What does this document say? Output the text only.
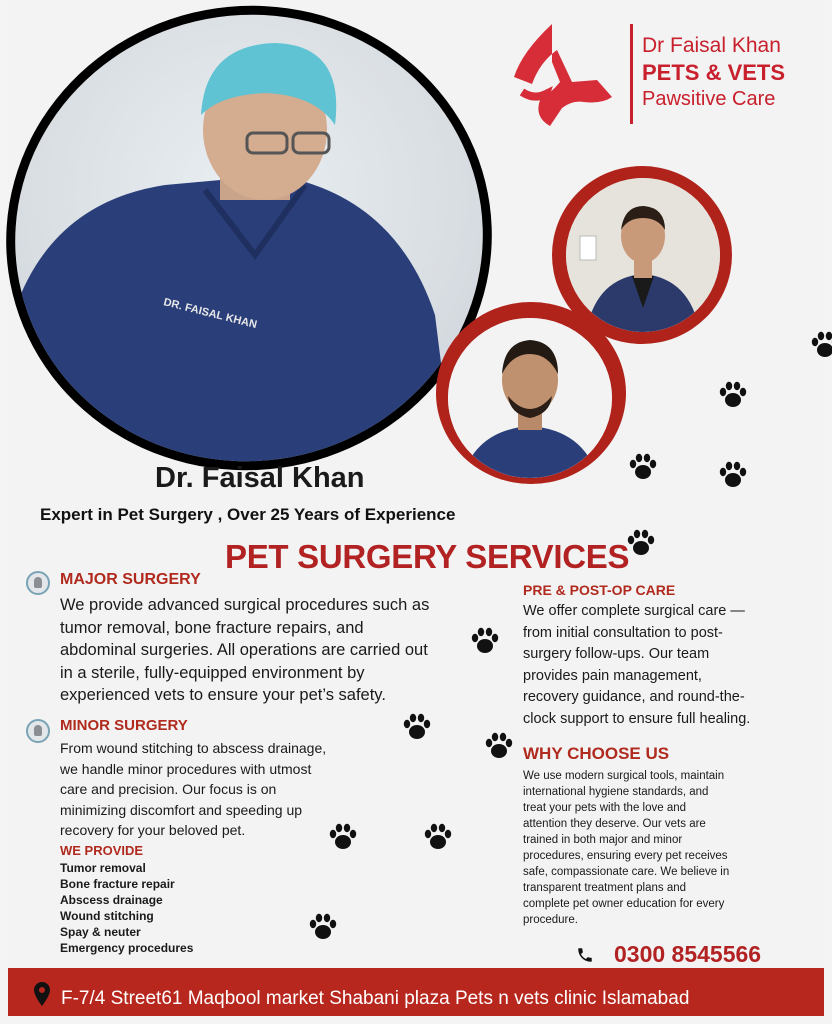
DR. FAISAL KHAN
Dr Faisal Khan
PETS & VETS
Pawsitive Care
Dr. Faisal Khan
Expert in Pet Surgery , Over 25 Years of Experience
PET SURGERY SERVICES
MAJOR SURGERY
We provide advanced surgical procedures such as
tumor removal, bone fracture repairs, and
abdominal surgeries. All operations are carried out
in a sterile, fully-equipped environment by
experienced vets to ensure your pet’s safety.
MINOR SURGERY
From wound stitching to abscess drainage,
we handle minor procedures with utmost
care and precision. Our focus is on
minimizing discomfort and speeding up
recovery for your beloved pet.
WE PROVIDE
Tumor removal
Bone fracture repair
Abscess drainage
Wound stitching
Spay & neuter
Emergency procedures
PRE & POST-OP CARE
We offer complete surgical care —
from initial consultation to post-
surgery follow-ups. Our team
provides pain management,
recovery guidance, and round-the-
clock support to ensure full healing.
WHY CHOOSE US
We use modern surgical tools, maintain
international hygiene standards, and
treat your pets with the love and
attention they deserve. Our vets are
trained in both major and minor
procedures, ensuring every pet receives
safe, compassionate care. We believe in
transparent treatment plans and
complete pet owner education for every
procedure.
0300 8545566
F-7/4 Street61 Maqbool market Shabani plaza Pets n vets clinic Islamabad
